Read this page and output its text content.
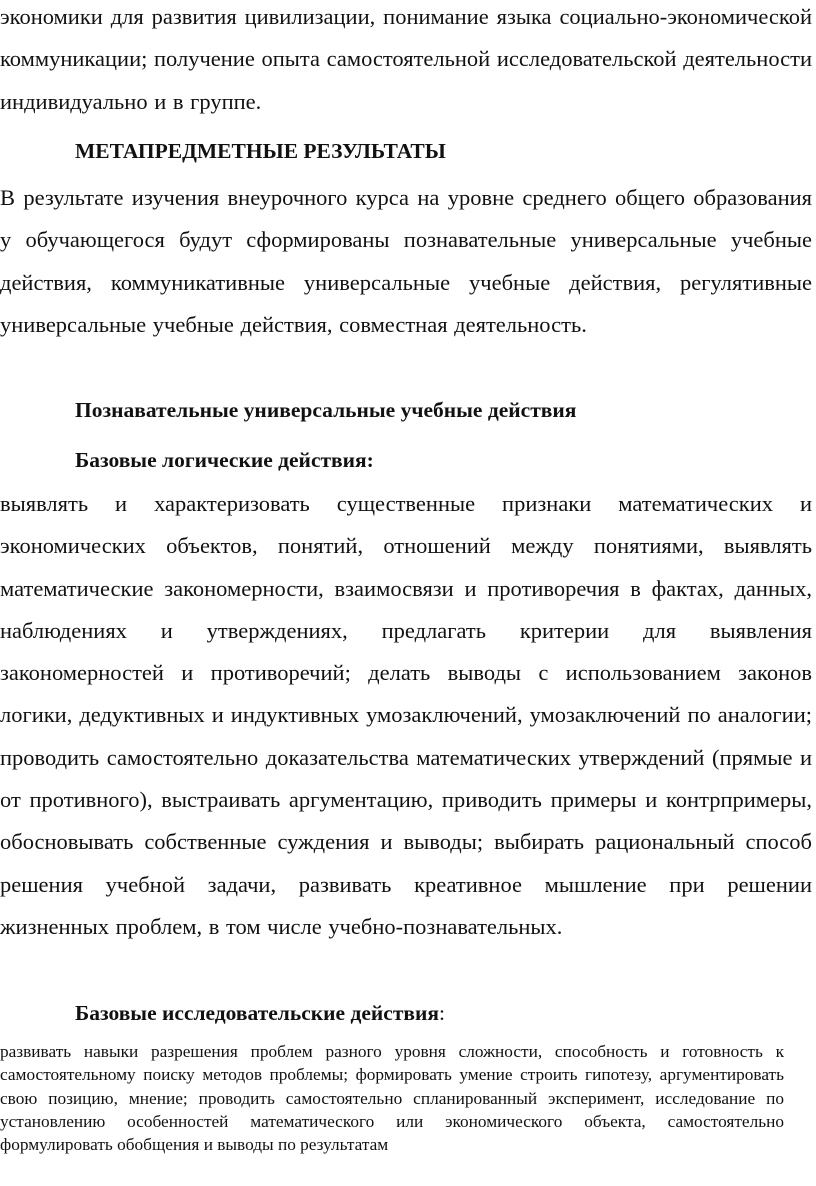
экономики для развития цивилизации, понимание языка социально-экономической коммуникации; получение опыта самостоятельной исследовательской деятельности индивидуально и в группе.

МЕТАПРЕДМЕТНЫЕ РЕЗУЛЬТАТЫ

В результате изучения внеурочного курса на уровне среднего общего образования у обучающегося будут сформированы познавательные универсальные учебные действия, коммуникативные универсальные учебные действия, регулятивные универсальные учебные действия, совместная деятельность.

Познавательные универсальные учебные действия
Базовые логические действия:

выявлять и характеризовать существенные признаки математических и экономических объектов, понятий, отношений между понятиями, выявлять математические закономерности, взаимосвязи и противоречия в фактах, данных, наблюдениях и утверждениях, предлагать критерии для выявления закономерностей и противоречий; делать выводы с использованием законов логики, дедуктивных и индуктивных умозаключений, умозаключений по аналогии; проводить самостоятельно доказательства математических утверждений (прямые и от противного), выстраивать аргументацию, приводить примеры и контрпримеры, обосновывать собственные суждения и выводы; выбирать рациональный способ решения учебной задачи, развивать креативное мышление при решении жизненных проблем, в том числе учебно-познавательных.

Базовые исследовательские действия:

развивать навыки разрешения проблем разного уровня сложности, способность и готовность к самостоятельному поиску методов проблемы; формировать умение строить гипотезу, аргументировать свою позицию, мнение; проводить самостоятельно спланированный эксперимент, исследование по установлению особенностей математического или экономического объекта, самостоятельно формулировать обобщения и выводы по результатам
